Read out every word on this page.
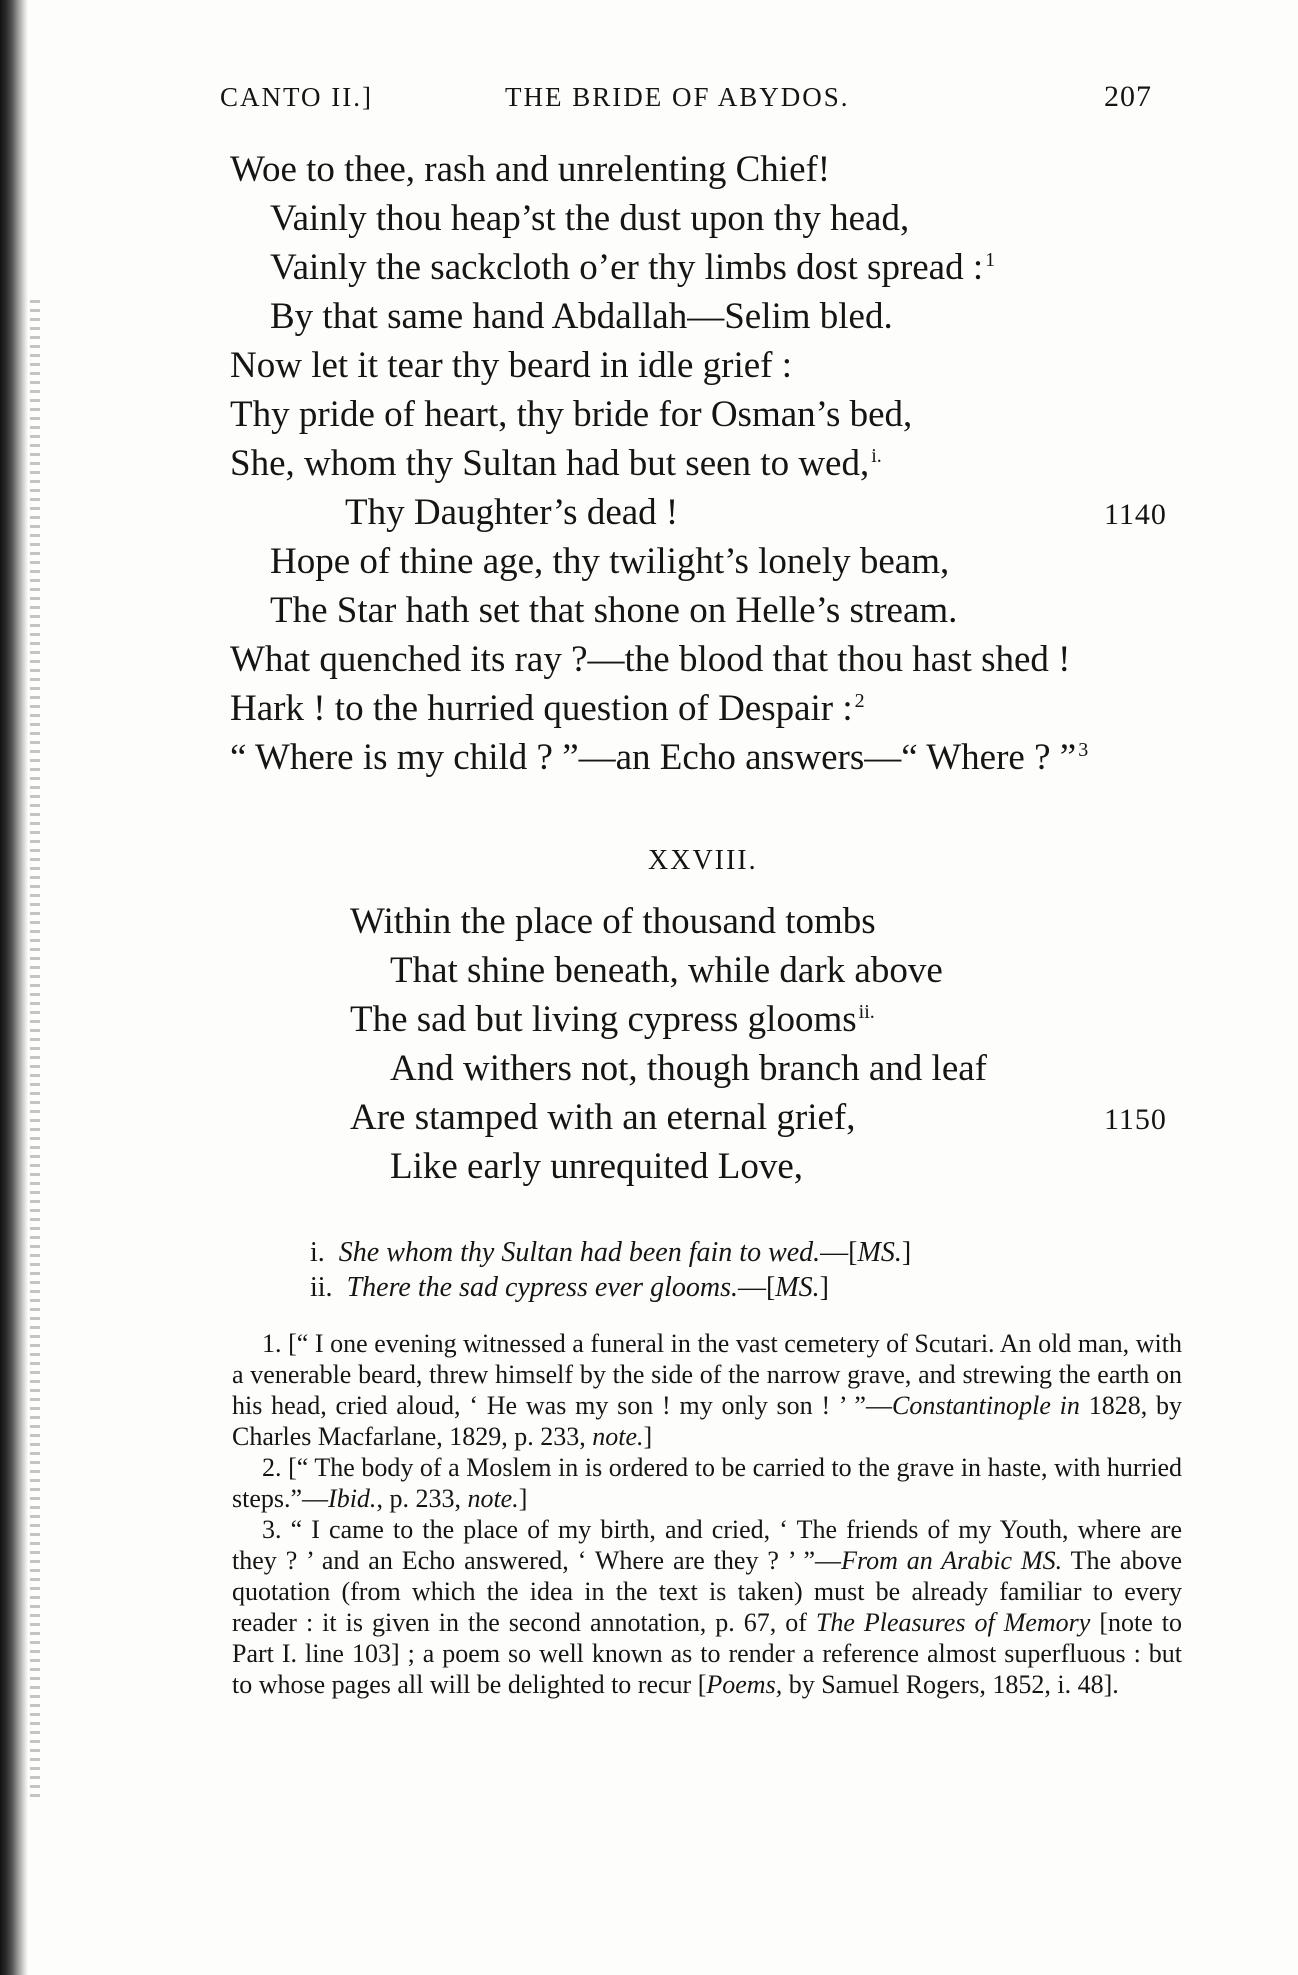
CANTO II.]	THE BRIDE OF ABYDOS.	207
Woe to thee, rash and unrelenting Chief!
Vainly thou heap’st the dust upon thy head,
Vainly the sackcloth o’er thy limbs dost spread : $^1$
By that same hand Abdallah—Selim bled.
Now let it tear thy beard in idle grief :
Thy pride of heart, thy bride for Osman’s bed,
She, whom thy Sultan had but seen to wed, $^{i.}$
Thy Daughter’s dead !	1140
Hope of thine age, thy twilight’s lonely beam,
The Star hath set that shone on Helle’s stream.
What quenched its ray ?—the blood that thou hast shed !
Hark ! to the hurried question of Despair : $^2$
“ Where is my child ? ”—an Echo answers—“ Where ? ” $^3$
XXVIII.
Within the place of thousand tombs
That shine beneath, while dark above
The sad but living cypress glooms $^{ii.}$
And withers not, though branch and leaf
Are stamped with an eternal grief,	1150
Like early unrequited Love,
i. She whom thy Sultan had been fain to wed.—[MS.]
ii. There the sad cypress ever glooms.—[MS.]
1. [“ I one evening witnessed a funeral in the vast cemetery of Scutari. An old man, with a venerable beard, threw himself by the side of the narrow grave, and strewing the earth on his head, cried aloud, ‘ He was my son ! my only son ! ’ ”—Constantinople in 1828, by Charles Macfarlane, 1829, p. 233, note.]
2. [“ The body of a Moslem in is ordered to be carried to the grave in haste, with hurried steps.”—Ibid., p. 233, note.]
3. “ I came to the place of my birth, and cried, ‘ The friends of my Youth, where are they ? ’ and an Echo answered, ‘ Where are they ? ’ ”—From an Arabic MS. The above quotation (from which the idea in the text is taken) must be already familiar to every reader : it is given in the second annotation, p. 67, of The Pleasures of Memory [note to Part I. line 103] ; a poem so well known as to render a reference almost superfluous : but to whose pages all will be delighted to recur [Poems, by Samuel Rogers, 1852, i. 48].
